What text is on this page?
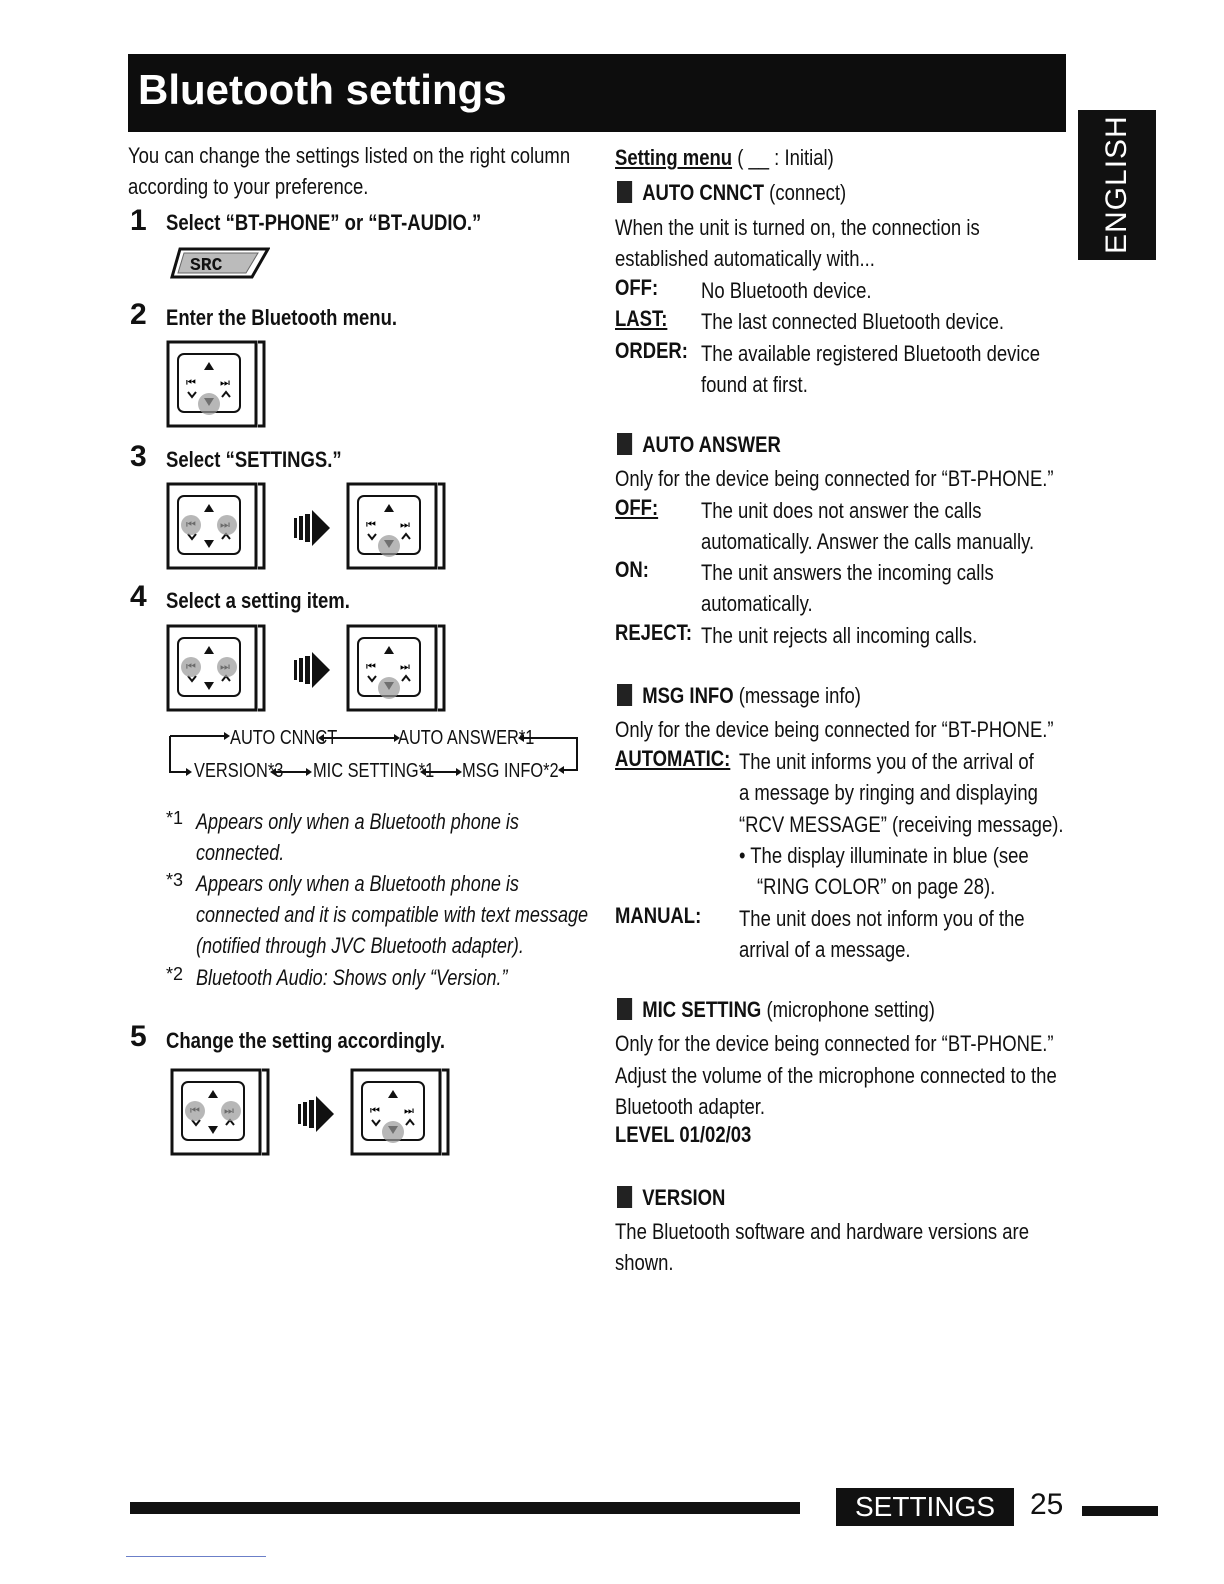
Bluetooth settings
ENGLISH
You can change the settings listed on the right column
according to your preference.
1 Select “BT-PHONE” or “BT-AUDIO.”
SRC
2 Enter the Bluetooth menu.
3 Select “SETTINGS.”
4 Select a setting item.
AUTO CNNCT	AUTO ANSWER*1
VERSION*3 MIC SETTING*1 MSG INFO*2
*1 Appears only when a Bluetooth phone is
connected.
*3 Appears only when a Bluetooth phone is
connected and it is compatible with text message
(notified through JVC Bluetooth adapter).
*2 Bluetooth Audio: Shows only “Version.”
5 Change the setting accordingly.
Setting menu ( __ : Initial)
AUTO CNNCT (connect)
When the unit is turned on, the connection is
established automatically with...
OFF: No Bluetooth device.
LAST: The last connected Bluetooth device.
ORDER: The available registered Bluetooth device
found at first.
AUTO ANSWER
Only for the device being connected for “BT-PHONE.”
OFF: The unit does not answer the calls
automatically. Answer the calls manually.
ON: The unit answers the incoming calls
automatically.
REJECT: The unit rejects all incoming calls.
MSG INFO (message info)
Only for the device being connected for “BT-PHONE.”
AUTOMATIC: The unit informs you of the arrival of
a message by ringing and displaying
“RCV MESSAGE” (receiving message).
• The display illuminate in blue (see
“RING COLOR” on page 28).
MANUAL: The unit does not inform you of the
arrival of a message.
MIC SETTING (microphone setting)
Only for the device being connected for “BT-PHONE.”
Adjust the volume of the microphone connected to the
Bluetooth adapter.
LEVEL 01/02/03
VERSION
The Bluetooth software and hardware versions are
shown.
SETTINGS	25
